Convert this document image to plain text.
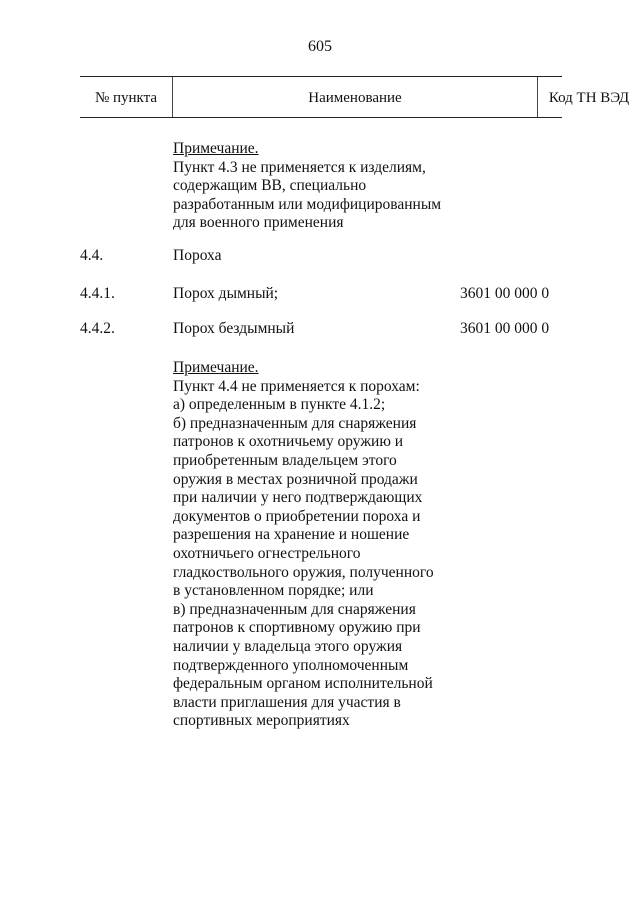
605
№ пункта	Наименование	Код ТН ВЭД
Примечание.
Пункт 4.3 не применяется к изделиям,
содержащим ВВ, специально
разработанным или модифицированным
для военного применения
4.4.	Пороха
4.4.1.	Порох дымный;	3601 00 000 0
4.4.2.	Порох бездымный	3601 00 000 0
Примечание.
Пункт 4.4 не применяется к порохам:
а) определенным в пункте 4.1.2;
б) предназначенным для снаряжения
патронов к охотничьему оружию и
приобретенным владельцем этого
оружия в местах розничной продажи
при наличии у него подтверждающих
документов о приобретении пороха и
разрешения на хранение и ношение
охотничьего огнестрельного
гладкоствольного оружия, полученного
в установленном порядке; или
в) предназначенным для снаряжения
патронов к спортивному оружию при
наличии у владельца этого оружия
подтвержденного уполномоченным
федеральным органом исполнительной
власти приглашения для участия в
спортивных мероприятиях
